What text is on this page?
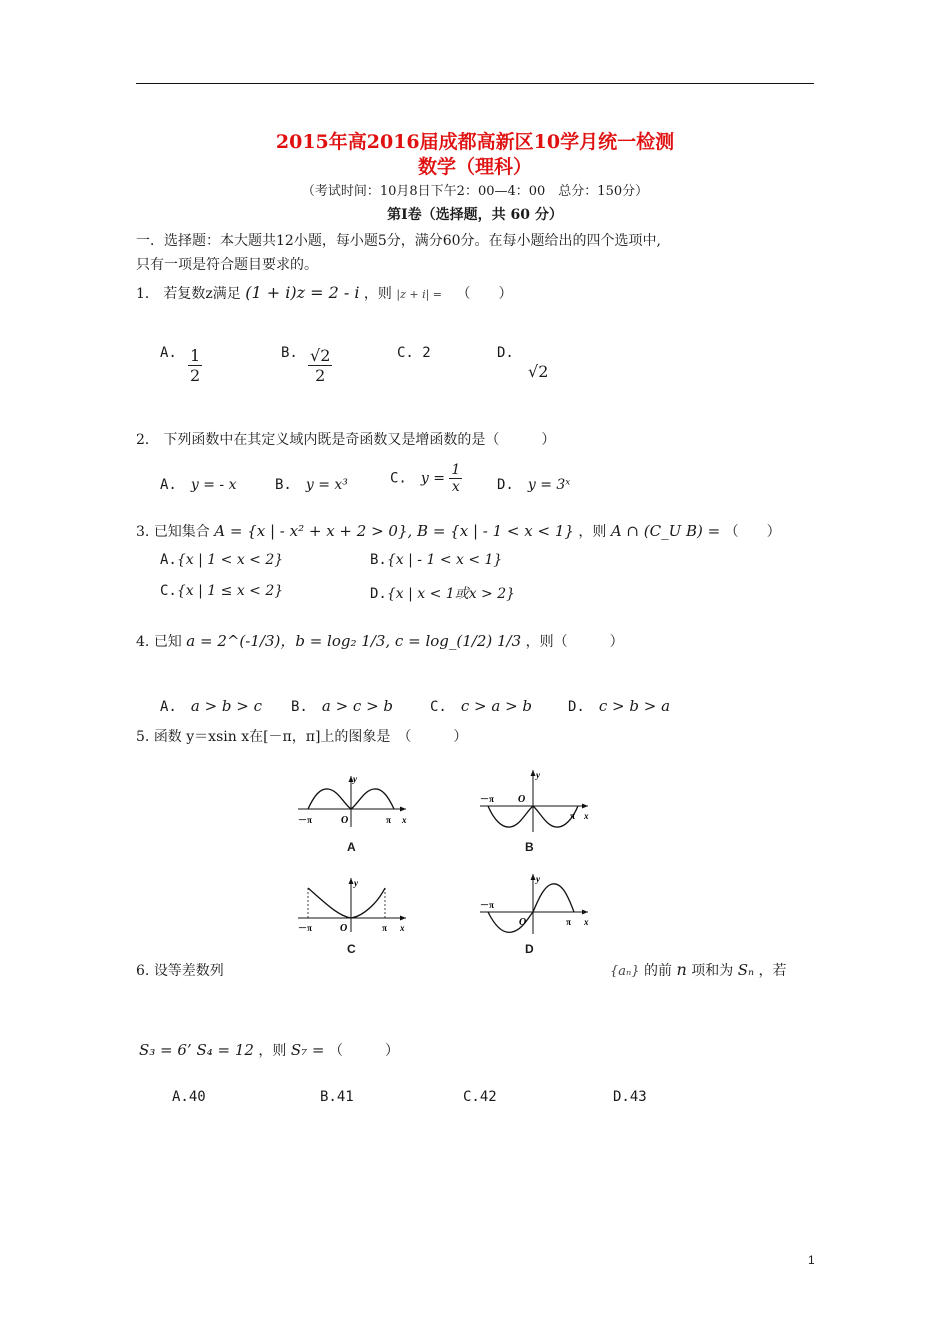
2015年高2016届成都高新区10学月统一检测
数学（理科）
（考试时间：10月8日下午2：00—4：00　总分：150分）
第Ⅰ卷（选择题，共 60 分）
一．选择题：本大题共12小题，每小题5分，满分60分。在每小题给出的四个选项中,
只有一项是符合题目要求的。
1． 若复数z满足 (1 + i)z = 2 - i ，则 |z + i| = （　　）
A. $\frac{1}{2}$	B. $\frac{√2}{2}$	C. 2	D.
√2
2． 下列函数中在其定义域内既是奇函数又是增函数的是（　　　）
A.　 y = - x	B.　 y = x³	C.　 $y = \frac{1}{x} D$.　 y = 3ˣ
3. 已知集合 A = {x | - x² + x + 2 > 0}, B = {x | - 1 < x < 1} ，则 A ∩ (C_U B) = （　　）
A.{x | 1 < x < 2}	B.{x | - 1 < x < 1}
C.{x | 1 ≤ x < 2}	D.{x | x < 1或x > 2}
4. 已知 a = 2^(-1/3)，b = log₂ 1/3, c = log_(1/2) 1/3 ，则（　　　）
A.　 a > b > c B.　 a > c > b	C.　 c > a > b	D.　 c > b > a
5. 函数 y＝xsin x在[－π，π]上的图象是　（　　　）
y
x
O
－π	π
A
y
x
O
－π
π
B
y
x
O
－π	π
C
y
x
O
－π
π
D
6. 设等差数列	{aₙ} 的前 n 项和为 Sₙ ，若
S₃ = 6’ S₄ = 12 ，则 S₇ = （　　　）
A.40	B.41	C.42	D.43
1
